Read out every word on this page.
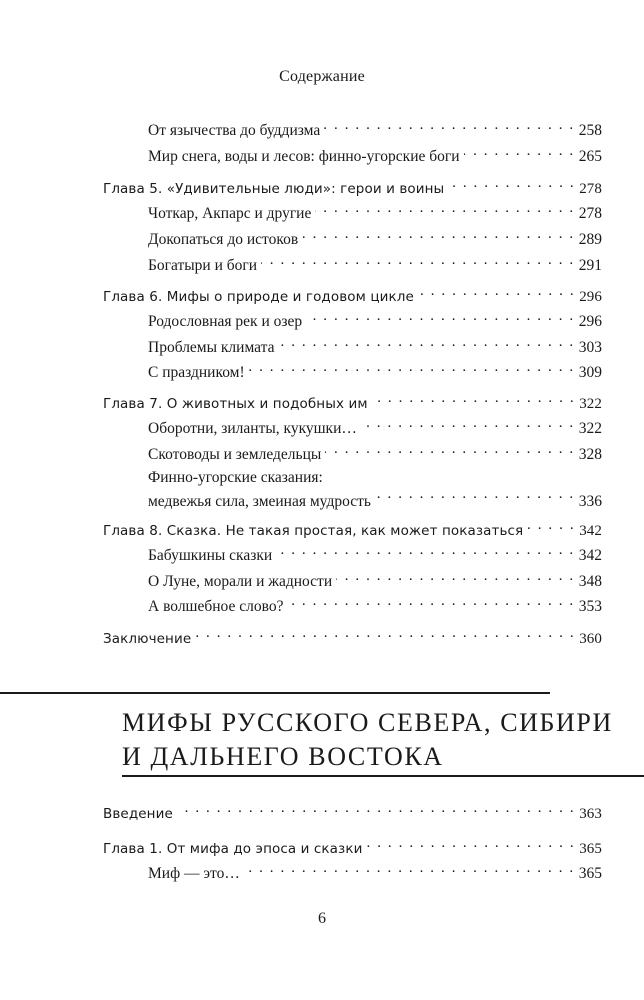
Содержание
От язычества до буддизма . . .	258
Мир снега, воды и лесов: финно-угорские боги . . .	265
Глава 5. «Удивительные люди»: герои и воины . . .	278
Чоткар, Акпарс и другие . . .	278
Докопаться до истоков . . .	289
Богатыри и боги . . .	291
Глава 6. Мифы о природе и годовом цикле . . .	296
Родословная рек и озер . . .	296
Проблемы климата . . .	303
С праздником! . . .	309
Глава 7. О животных и подобных им . . .	322
Оборотни, зиланты, кукушки… . . .	322
Скотоводы и земледельцы . . .	328
Финно-угорские сказания:
медвежья сила, змеиная мудрость . . .	336
Глава 8. Сказка. Не такая простая, как может показаться . . .	342
Бабушкины сказки . . .	342
О Луне, морали и жадности . . .	348
А волшебное слово? . . .	353
Заключение . . .	360
МИФЫ РУССКОГО СЕВЕРА, СИБИРИ
И ДАЛЬНЕГО ВОСТОКА
Введение . . .	363
Глава 1. От мифа до эпоса и сказки . . .	365
Миф — это… . . .	365
6
